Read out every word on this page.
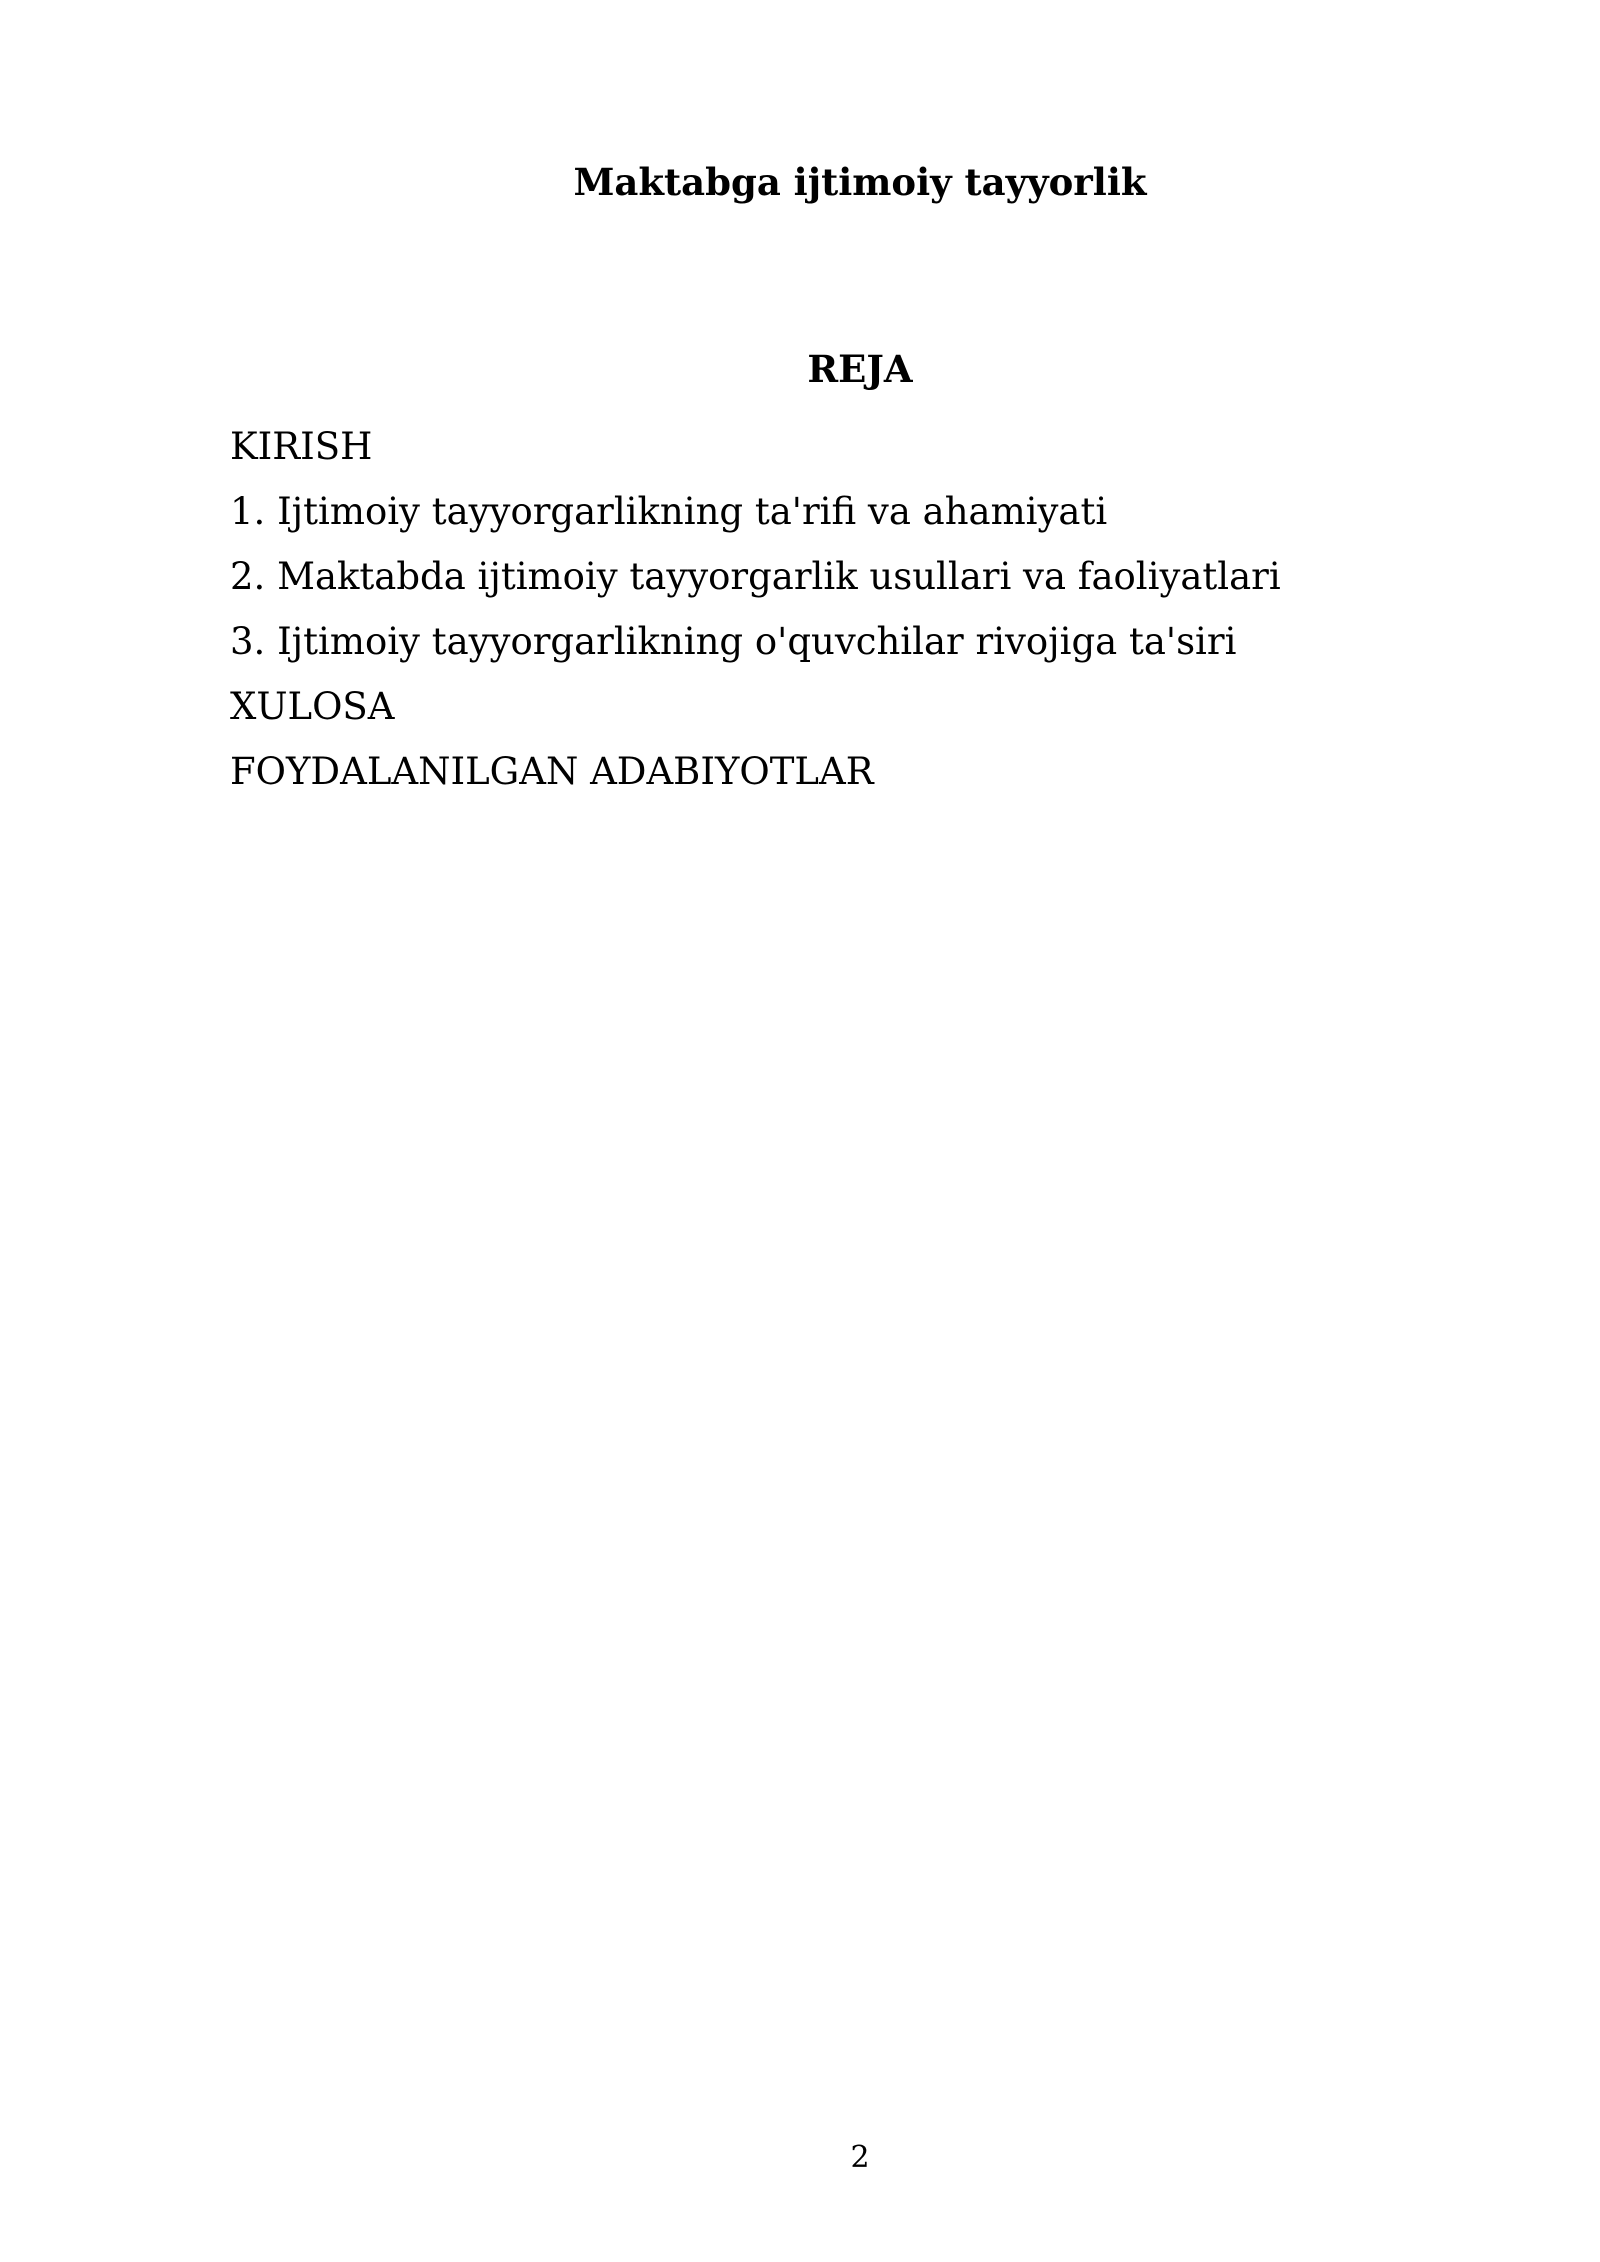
Maktabga ijtimoiy tayyorlik
REJA
KIRISH
1. Ijtimoiy tayyorgarlikning ta'rifi va ahamiyati
2. Maktabda ijtimoiy tayyorgarlik usullari va faoliyatlari
3. Ijtimoiy tayyorgarlikning o'quvchilar rivojiga ta'siri
XULOSA
FOYDALANILGAN ADABIYOTLAR
2
